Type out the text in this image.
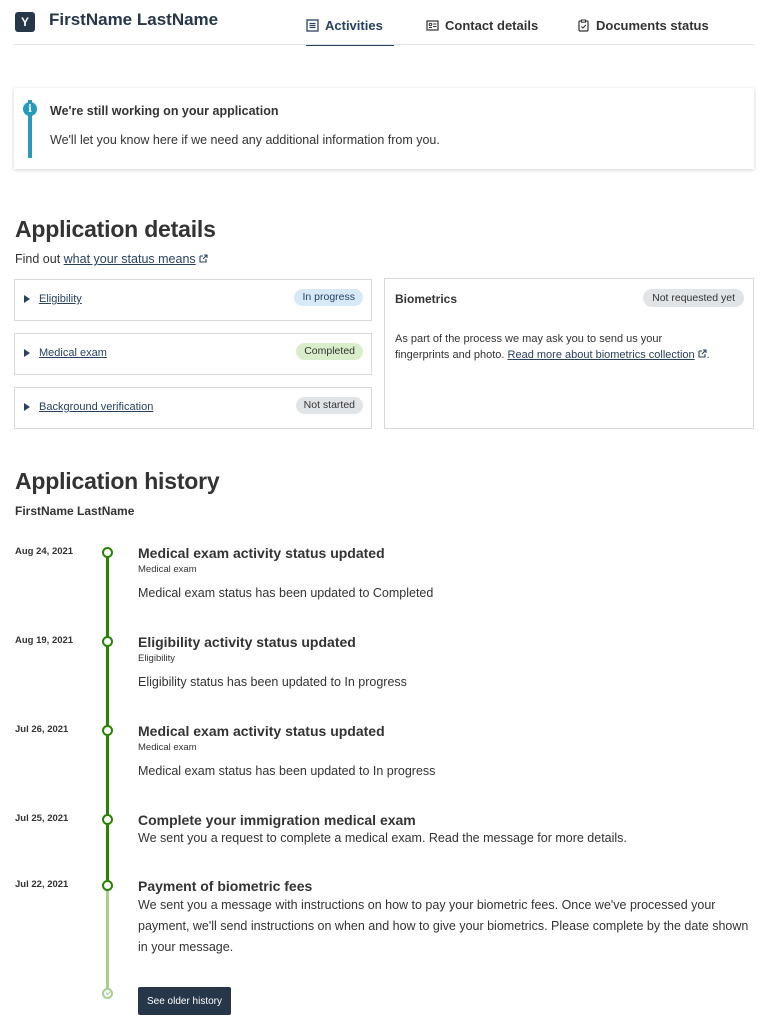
Y	FirstName LastName	Activities	Contact details	Documents status
i	We're still working on your application
We'll let you know here if we need any additional information from you.
Application details
Find out what your status means
Eligibility	In progress
Medical exam	Completed
Background verification	Not started
Biometrics	Not requested yet
As part of the process we may ask you to send us your fingerprints and photo. Read more about biometrics collection .
Application history
FirstName LastName
Aug 24, 2021	Medical exam activity status updated
Medical exam
Medical exam status has been updated to Completed
Aug 19, 2021	Eligibility activity status updated
Eligibility
Eligibility status has been updated to In progress
Jul 26, 2021	Medical exam activity status updated
Medical exam
Medical exam status has been updated to In progress
Jul 25, 2021	Complete your immigration medical exam
We sent you a request to complete a medical exam. Read the message for more details.
Jul 22, 2021	Payment of biometric fees
We sent you a message with instructions on how to pay your biometric fees. Once we've processed your payment, we'll send instructions on when and how to give your biometrics. Please complete by the date shown in your message.
See older history
